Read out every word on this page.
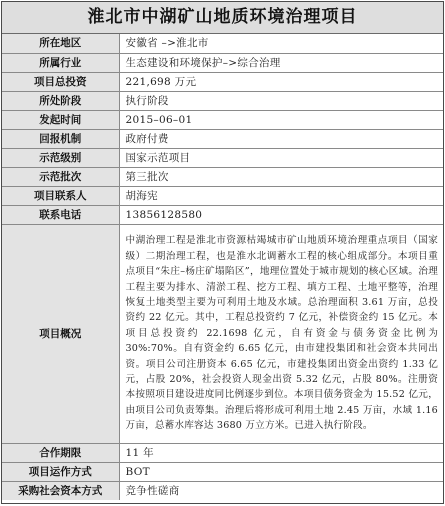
淮北市中湖矿山地质环境治理项目
所在地区	安徽省 –>淮北市
所属行业	生态建设和环境保护–>综合治理
项目总投资	221,698 万元
所处阶段	执行阶段
发起时间	2015–06–01
回报机制	政府付费
示范级别	国家示范项目
示范批次	第三批次
项目联系人	胡海宪
联系电话	13856128580
项目概况	中湖治理工程是淮北市资源枯竭城市矿山地质环境治理重点项目（国家级）二期治理工程，也是淮水北调蓄水工程的核心组成部分。本项目重点项目“朱庄–杨庄矿塌陷区”，地理位置处于城市规划的核心区域。治理工程主要为排水、清淤工程、挖方工程、填方工程、土地平整等，治理恢复土地类型主要为可利用土地及水域。总治理面积 3.61 万亩，总投资约 22 亿元。其中，工程总投资约 7 亿元，补偿资金约 15 亿元。本项目总投资约 22.1698 亿元，自有资金与债务资金比例为 30%:70%。自有资金约 6.65 亿元，由市建投集团和社会资本共同出资。项目公司注册资本 6.65 亿元，市建投集团出资金出资约 1.33 亿元，占股 20%，社会投资人现金出资 5.32 亿元，占股 80%。注册资本按照项目建设进度同比例逐步到位。本项目债务资金为 15.52 亿元，由项目公司负责筹集。治理后将形成可利用土地 2.45 万亩，水域 1.16 万亩，总蓄水库容达 3680 万立方米。已进入执行阶段。
合作期限	11 年
项目运作方式	BOT
采购社会资本方式	竞争性磋商
